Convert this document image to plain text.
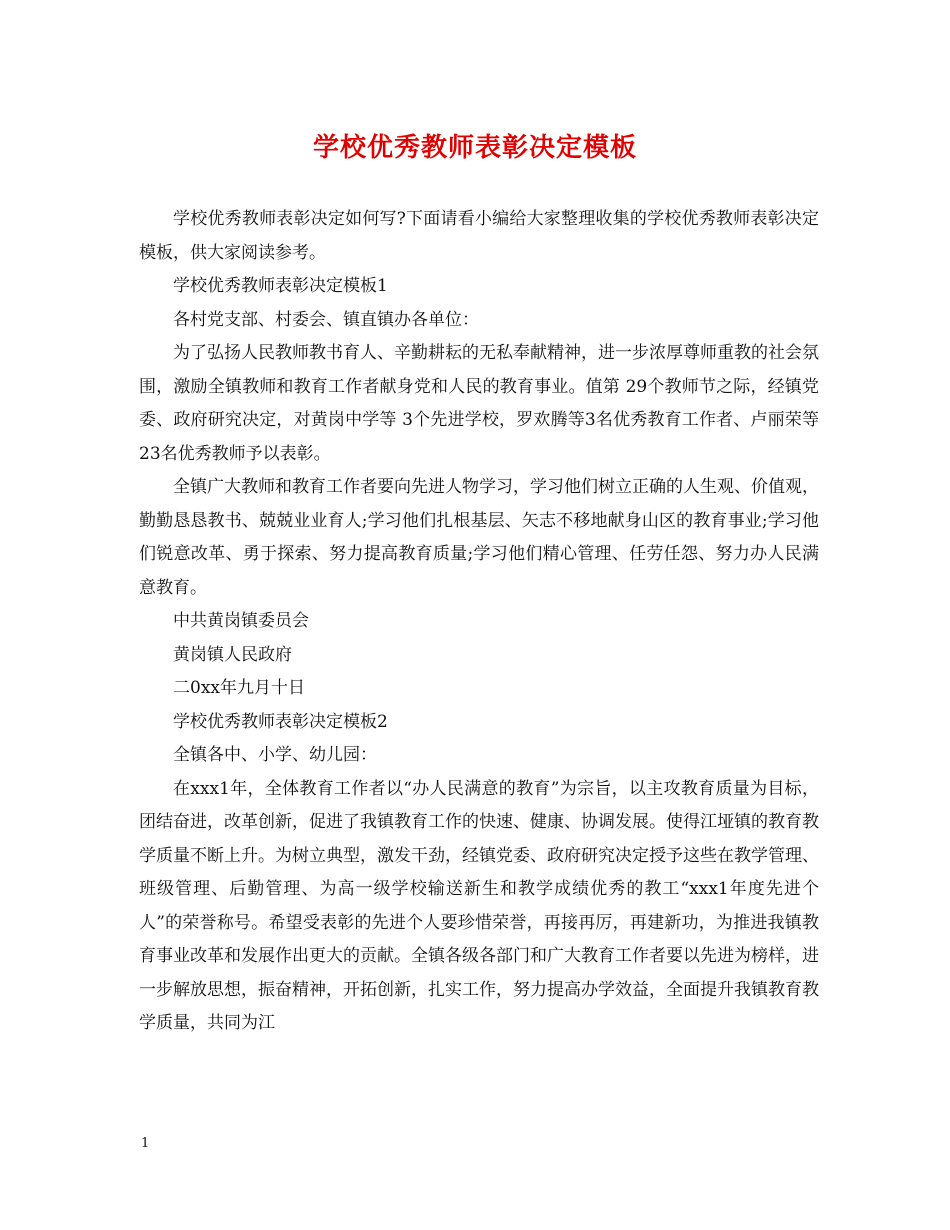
学校优秀教师表彰决定模板

学校优秀教师表彰决定如何写?下面请看小编给大家整理收集的学校优秀教师表彰决定模板，供大家阅读参考。

学校优秀教师表彰决定模板1

各村党支部、村委会、镇直镇办各单位：

为了弘扬人民教师教书育人、辛勤耕耘的无私奉献精神，进一步浓厚尊师重教的社会氛围，激励全镇教师和教育工作者献身党和人民的教育事业。值第 29个教师节之际，经镇党委、政府研究决定，对黄岗中学等 3个先进学校，罗欢腾等3名优秀教育工作者、卢丽荣等23名优秀教师予以表彰。

全镇广大教师和教育工作者要向先进人物学习，学习他们树立正确的人生观、价值观，勤勤恳恳教书、兢兢业业育人;学习他们扎根基层、矢志不移地献身山区的教育事业;学习他们锐意改革、勇于探索、努力提高教育质量;学习他们精心管理、任劳任怨、努力办人民满意教育。

中共黄岗镇委员会

黄岗镇人民政府

二0xx年九月十日

学校优秀教师表彰决定模板2

全镇各中、小学、幼儿园：

在xxx1年，全体教育工作者以“办人民满意的教育”为宗旨，以主攻教育质量为目标，团结奋进，改革创新，促进了我镇教育工作的快速、健康、协调发展。使得江垭镇的教育教学质量不断上升。为树立典型，激发干劲，经镇党委、政府研究决定授予这些在教学管理、班级管理、后勤管理、为高一级学校输送新生和教学成绩优秀的教工“xxx1年度先进个人”的荣誉称号。希望受表彰的先进个人要珍惜荣誉，再接再厉，再建新功，为推进我镇教育事业改革和发展作出更大的贡献。全镇各级各部门和广大教育工作者要以先进为榜样，进一步解放思想，振奋精神，开拓创新，扎实工作，努力提高办学效益，全面提升我镇教育教学质量，共同为江

1
